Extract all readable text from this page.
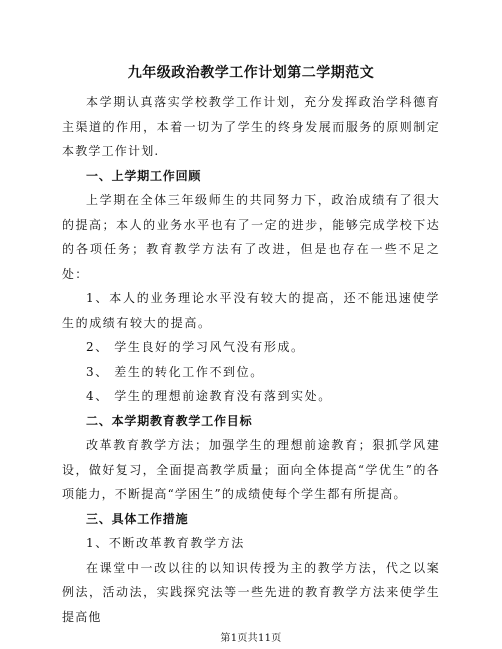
九年级政治教学工作计划第二学期范文

本学期认真落实学校教学工作计划，充分发挥政治学科德育主渠道的作用，本着一切为了学生的终身发展而服务的原则制定本教学工作计划.

一、上学期工作回顾

上学期在全体三年级师生的共同努力下，政治成绩有了很大的提高；本人的业务水平也有了一定的进步，能够完成学校下达的各项任务；教育教学方法有了改进，但是也存在一些不足之处：

1、本人的业务理论水平没有较大的提高，还不能迅速使学生的成绩有较大的提高。

2、 学生良好的学习风气没有形成。

3、 差生的转化工作不到位。

4、 学生的理想前途教育没有落到实处。

二、本学期教育教学工作目标

改革教育教学方法；加强学生的理想前途教育；狠抓学风建设，做好复习，全面提高教学质量；面向全体提高“学优生”的各项能力，不断提高“学困生”的成绩使每个学生都有所提高。

三、具体工作措施

1、不断改革教育教学方法

在课堂中一改以往的以知识传授为主的教学方法，代之以案例法，活动法，实践探究法等一些先进的教育教学方法来使学生提高他

第1页共11页
